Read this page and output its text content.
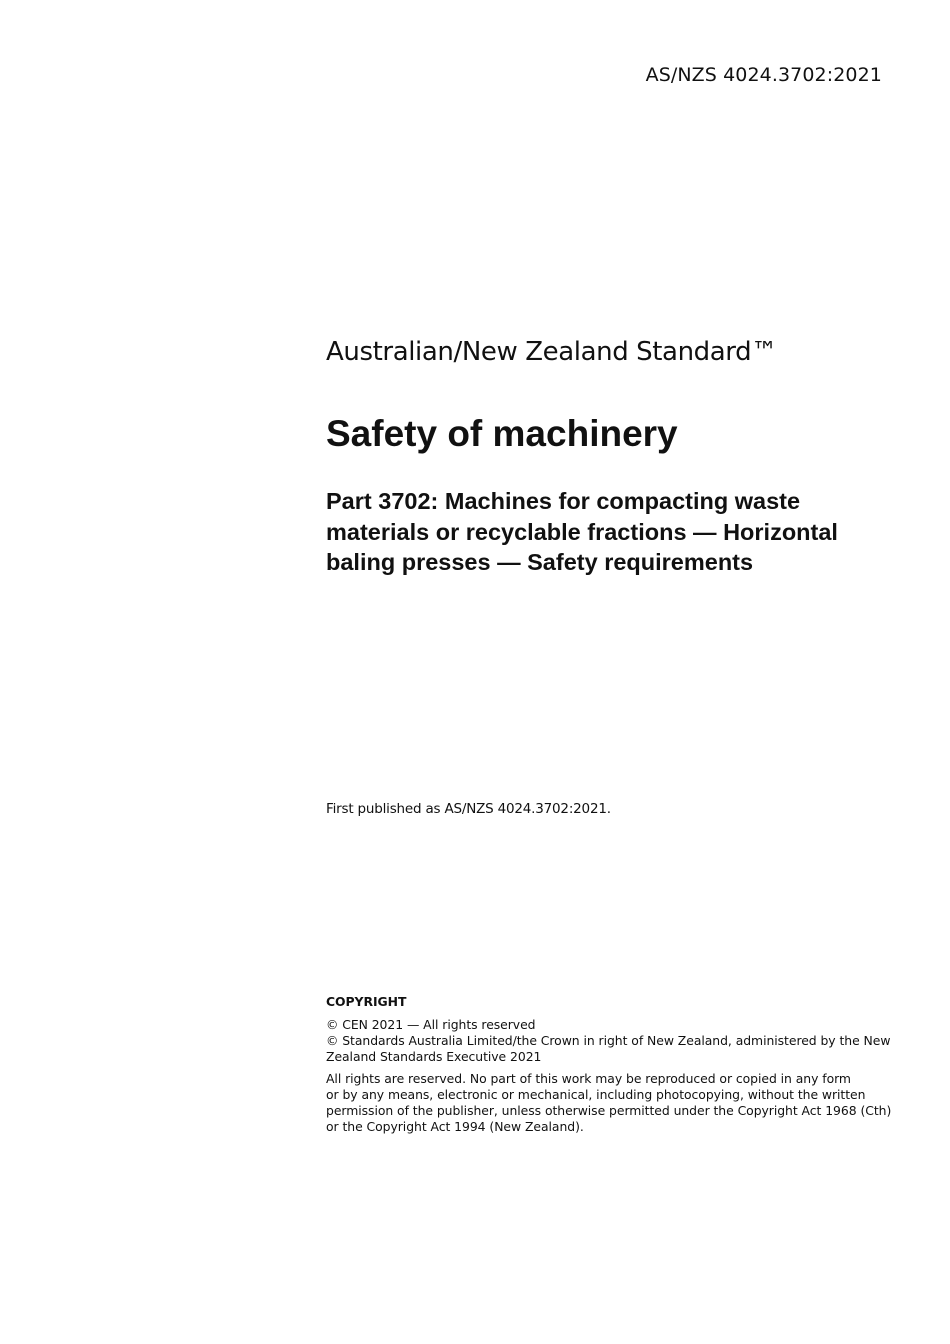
AS/NZS 4024.3702:2021

Australian/New Zealand Standard™

Safety of machinery
Part 3702: Machines for compacting waste
materials or recyclable fractions — Horizontal
baling presses — Safety requirements

First published as AS/NZS 4024.3702:2021.

COPYRIGHT

© CEN 2021 — All rights reserved
© Standards Australia Limited/the Crown in right of New Zealand, administered by the New
Zealand Standards Executive 2021

All rights are reserved. No part of this work may be reproduced or copied in any form
or by any means, electronic or mechanical, including photocopying, without the written
permission of the publisher, unless otherwise permitted under the Copyright Act 1968 (Cth)
or the Copyright Act 1994 (New Zealand).
